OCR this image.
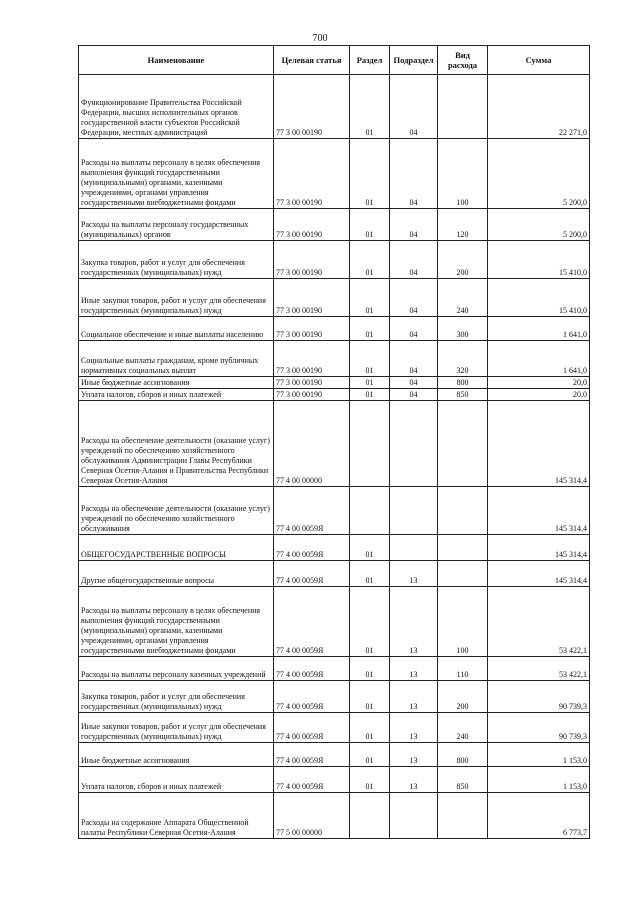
700
Наименование	Целевая статья	Раздел	Подраздел	Вид расхода	Сумма

Функционирование Правительства Российской Федерации, высших исполнительных органов государственной власти субъектов Российской Федерации, местных администраций	77 3 00 00190	01	04		22 271,0

Расходы на выплаты персоналу в целях обеспечения выполнения функций государственными (муниципальными) органами, казенными учреждениями, органами управления государственными внебюджетными фондами	77 3 00 00190	01	04	100	5 200,0

Расходы на выплаты персоналу государственных (муниципальных) органов	77 3 00 00190	01	04	120	5 200,0

Закупка товаров, работ и услуг для обеспечения государственных (муниципальных) нужд	77 3 00 00190	01	04	200	15 410,0

Иные закупки товаров, работ и услуг для обеспечения государственных (муниципальных) нужд	77 3 00 00190	01	04	240	15 410,0

Социальное обеспечение и иные выплаты населению	77 3 00 00190	01	04	300	1 641,0

Социальные выплаты гражданам, кроме публичных нормативных социальных выплат	77 3 00 00190	01	04	320	1 641,0

Иные бюджетные ассигнования	77 3 00 00190	01	04	800	20,0

Уплата налогов, сборов и иных платежей	77 3 00 00190	01	04	850	20,0

Расходы на обеспечение деятельности (оказание услуг) учреждений по обеспечению хозяйственного обслуживания Администрации Главы Республики Северная Осетия-Алания и Правительства Республики Северная Осетия-Алания	77 4 00 00000				145 314,4

Расходы на обеспечение деятельности (оказание услуг) учреждений по обеспечению хозяйственного обслуживания	77 4 00 0059Я				145 314,4

ОБЩЕГОСУДАРСТВЕННЫЕ ВОПРОСЫ	77 4 00 0059Я	01			145 314,4

Другие общегосударственные вопросы	77 4 00 0059Я	01	13		145 314,4

Расходы на выплаты персоналу в целях обеспечения выполнения функций государственными (муниципальными) органами, казенными учреждениями, органами управления государственными внебюджетными фондами	77 4 00 0059Я	01	13	100	53 422,1

Расходы на выплаты персоналу казенных учреждений	77 4 00 0059Я	01	13	110	53 422,1

Закупка товаров, работ и услуг для обеспечения государственных (муниципальных) нужд	77 4 00 0059Я	01	13	200	90 739,3

Иные закупки товаров, работ и услуг для обеспечения государственных (муниципальных) нужд	77 4 00 0059Я	01	13	240	90 739,3

Иные бюджетные ассигнования	77 4 00 0059Я	01	13	800	1 153,0

Уплата налогов, сборов и иных платежей	77 4 00 0059Я	01	13	850	1 153,0

Расходы на содержание Аппарата Общественной палаты Республики Северная Осетия-Алания	77 5 00 00000				6 773,7
